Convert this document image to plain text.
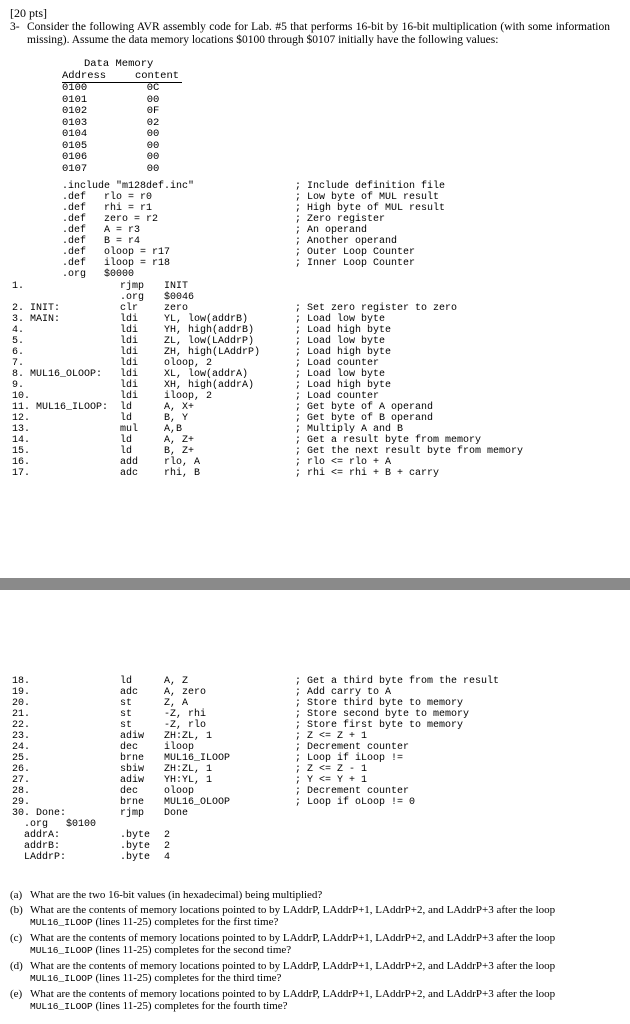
[20 pts]
3- Consider the following AVR assembly code for Lab. #5 that performs 16-bit by 16-bit multiplication (with some information missing). Assume the data memory locations $0100 through $0107 initially have the following values:
Data Memory
Address	content
0100	0C
0101	00
0102	0F
0103	02
0104	00
0105	00
0106	00
0107	00
.include "m128def.inc"	; Include definition file
.def   rlo = r0	; Low byte of MUL result
.def   rhi = r1	; High byte of MUL result
.def   zero = r2	; Zero register
.def   A = r3	; An operand
.def   B = r4	; Another operand
.def   oloop = r17	; Outer Loop Counter
.def   iloop = r18	; Inner Loop Counter
.org   $0000
1.	rjmp INIT
.org $0046
2. INIT:	clr	zero	; Set zero register to zero
3. MAIN:	ldi	YL, low(addrB)	; Load low byte
4.	ldi	YH, high(addrB)	; Load high byte
5.	ldi	ZL, low(LAddrP)	; Load low byte
6.	ldi	ZH, high(LAddrP)	; Load high byte
7.	ldi	oloop, 2	; Load counter
8. MUL16_OLOOP: ldi	XL, low(addrA)	; Load low byte
9.	ldi	XH, high(addrA)	; Load high byte
10.	ldi	iloop, 2	; Load counter
11. MUL16_ILOOP: ld	A, X+	; Get byte of A operand
12.	ld	B, Y	; Get byte of B operand
13.	mul	A,B	; Multiply A and B
14.	ld	A, Z+	; Get a result byte from memory
15.	ld	B, Z+	; Get the next result byte from memory
16.	add	rlo, A	; rlo <= rlo + A
17.	adc	rhi, B	; rhi <= rhi + B + carry
18.	ld	A, Z	; Get a third byte from the result
19.	adc	A, zero	; Add carry to A
20.	st	Z, A	; Store third byte to memory
21.	st	-Z, rhi	; Store second byte to memory
22.	st	-Z, rlo	; Store first byte to memory
23.	adiw ZH:ZL, 1	; Z <= Z + 1
24.	dec	iloop	; Decrement counter
25.	brne MUL16_ILOOP	; Loop if iLoop !=
26.	sbiw ZH:ZL, 1	; Z <= Z - 1
27.	adiw YH:YL, 1	; Y <= Y + 1
28.	dec	oloop	; Decrement counter
29.	brne MUL16_OLOOP	; Loop if oLoop != 0
30. Done:	rjmp Done
.org   $0100
addrA:	.byte 2
addrB:	.byte 2
LAddrP:	.byte 4
(a) What are the two 16-bit values (in hexadecimal) being multiplied?
(b) What are the contents of memory locations pointed to by LAddrP, LAddrP+1, LAddrP+2, and LAddrP+3 after the loop MUL16_ILOOP (lines 11-25) completes for the first time?
(c) What are the contents of memory locations pointed to by LAddrP, LAddrP+1, LAddrP+2, and LAddrP+3 after the loop MUL16_ILOOP (lines 11-25) completes for the second time?
(d) What are the contents of memory locations pointed to by LAddrP, LAddrP+1, LAddrP+2, and LAddrP+3 after the loop MUL16_ILOOP (lines 11-25) completes for the third time?
(e) What are the contents of memory locations pointed to by LAddrP, LAddrP+1, LAddrP+2, and LAddrP+3 after the loop MUL16_ILOOP (lines 11-25) completes for the fourth time?
